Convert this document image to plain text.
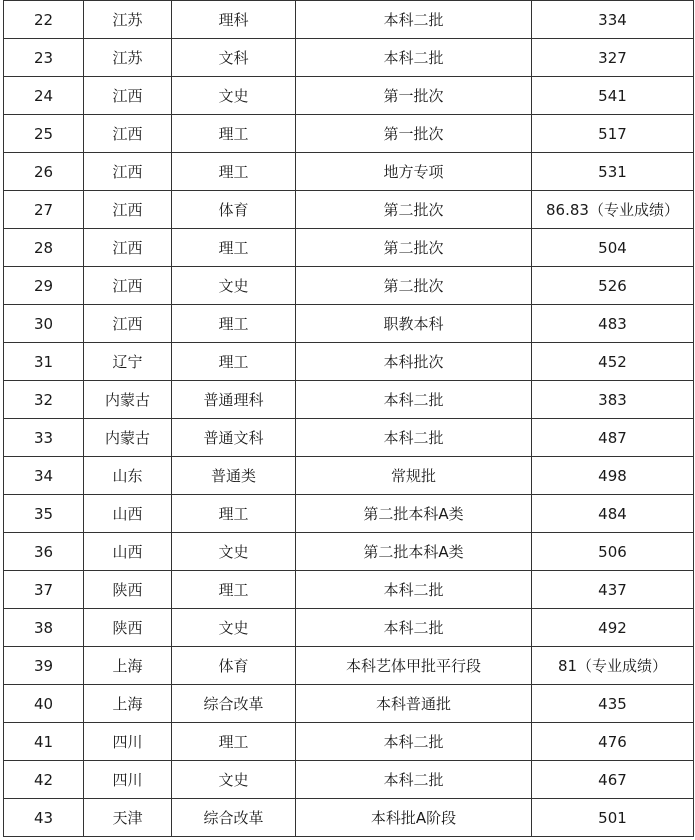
22	江苏	理科	本科二批	334
23	江苏	文科	本科二批	327
24	江西	文史	第一批次	541
25	江西	理工	第一批次	517
26	江西	理工	地方专项	531
27	江西	体育	第二批次	86.83（专业成绩）
28	江西	理工	第二批次	504
29	江西	文史	第二批次	526
30	江西	理工	职教本科	483
31	辽宁	理工	本科批次	452
32	内蒙古	普通理科	本科二批	383
33	内蒙古	普通文科	本科二批	487
34	山东	普通类	常规批	498
35	山西	理工	第二批本科A类	484
36	山西	文史	第二批本科A类	506
37	陕西	理工	本科二批	437
38	陕西	文史	本科二批	492
39	上海	体育	本科艺体甲批平行段	81（专业成绩）
40	上海	综合改革	本科普通批	435
41	四川	理工	本科二批	476
42	四川	文史	本科二批	467
43	天津	综合改革	本科批A阶段	501
